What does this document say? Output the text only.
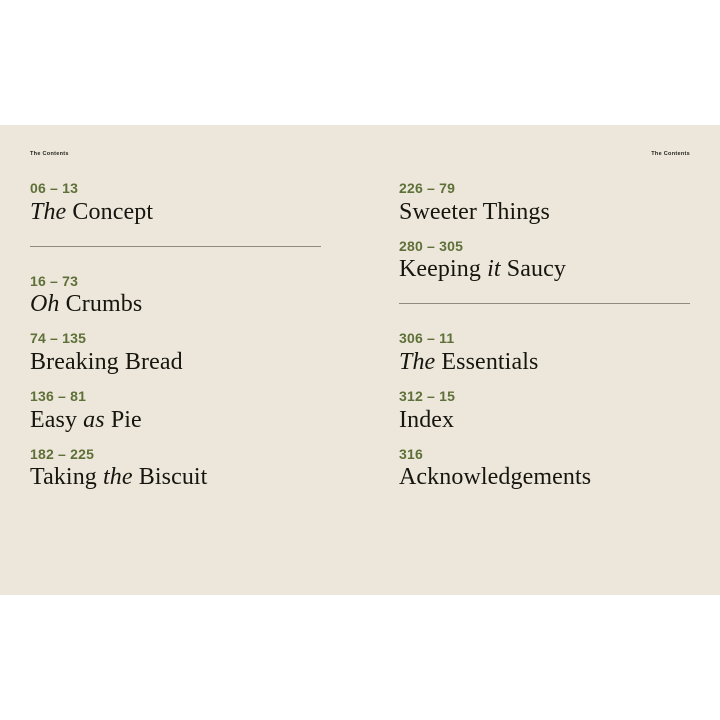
The Contents	The Contents
06 – 13
The Concept
16 – 73
Oh Crumbs
74 – 135
Breaking Bread
136 – 81
Easy as Pie
182 – 225
Taking the Biscuit
226 – 79
Sweeter Things
280 – 305
Keeping it Saucy
306 – 11
The Essentials
312 – 15
Index
316
Acknowledgements
